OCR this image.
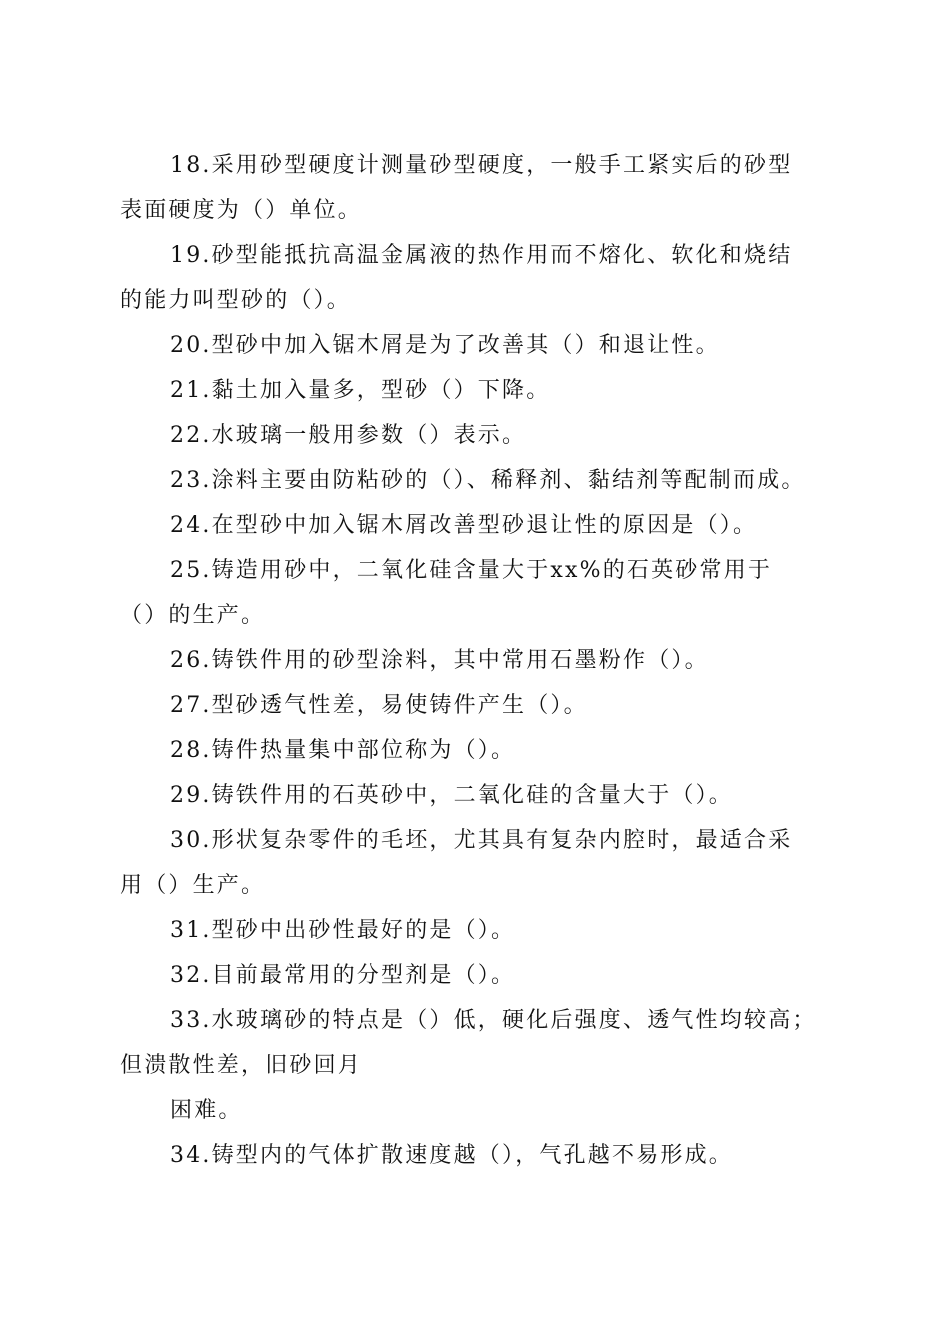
18.采用砂型硬度计测量砂型硬度，一般手工紧实后的砂型
表面硬度为（）单位。
19.砂型能抵抗高温金属液的热作用而不熔化、软化和烧结
的能力叫型砂的（）。
20.型砂中加入锯木屑是为了改善其（）和退让性。
21.黏土加入量多，型砂（）下降。
22.水玻璃一般用参数（）表示。
23.涂料主要由防粘砂的（）、稀释剂、黏结剂等配制而成。
24.在型砂中加入锯木屑改善型砂退让性的原因是（）。
25.铸造用砂中，二氧化硅含量大于xx%的石英砂常用于
（）的生产。
26.铸铁件用的砂型涂料，其中常用石墨粉作（）。
27.型砂透气性差，易使铸件产生（）。
28.铸件热量集中部位称为（）。
29.铸铁件用的石英砂中，二氧化硅的含量大于（）。
30.形状复杂零件的毛坯，尤其具有复杂内腔时，最适合采
用（）生产。
31.型砂中出砂性最好的是（）。
32.目前最常用的分型剂是（）。
33.水玻璃砂的特点是（）低，硬化后强度、透气性均较高；
但溃散性差，旧砂回月
困难。
34.铸型内的气体扩散速度越（），气孔越不易形成。
